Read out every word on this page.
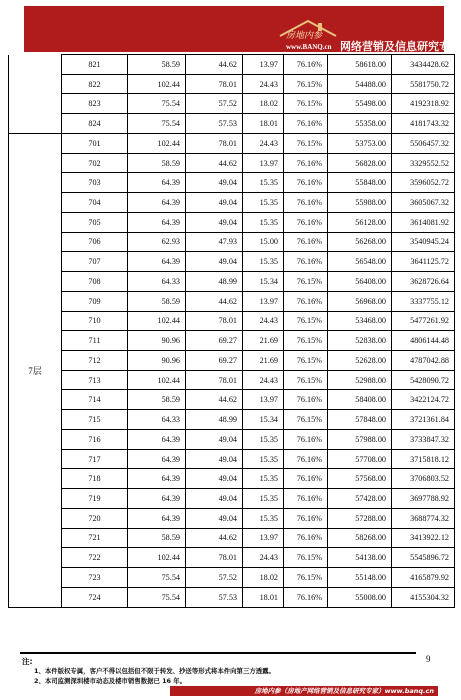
房地内参
www.BANQ.cn 网络营销及信息研究专家
	821	58.59	44.62	13.97	76.16%	58618.00	3434428.62
	822	102.44	78.01	24.43	76.15%	54488.00	5581750.72
	823	75.54	57.52	18.02	76.15%	55498.00	4192318.92
	824	75.54	57.53	18.01	76.16%	55358.00	4181743.32
7层	701	102.44	78.01	24.43	76.15%	53753.00	5506457.32
	702	58.59	44.62	13.97	76.16%	56828.00	3329552.52
	703	64.39	49.04	15.35	76.16%	55848.00	3596052.72
	704	64.39	49.04	15.35	76.16%	55988.00	3605067.32
	705	64.39	49.04	15.35	76.16%	56128.00	3614081.92
	706	62.93	47.93	15.00	76.16%	56268.00	3540945.24
	707	64.39	49.04	15.35	76.16%	56548.00	3641125.72
	708	64.33	48.99	15.34	76.15%	56408.00	3628726.64
	709	58.59	44.62	13.97	76.16%	56968.00	3337755.12
	710	102.44	78.01	24.43	76.15%	53468.00	5477261.92
	711	90.96	69.27	21.69	76.15%	52838.00	4806144.48
	712	90.96	69.27	21.69	76.15%	52628.00	4787042.88
	713	102.44	78.01	24.43	76.15%	52988.00	5428090.72
	714	58.59	44.62	13.97	76.16%	58408.00	3422124.72
	715	64.33	48.99	15.34	76.15%	57848.00	3721361.84
	716	64.39	49.04	15.35	76.16%	57988.00	3733847.32
	717	64.39	49.04	15.35	76.16%	57708.00	3715818.12
	718	64.39	49.04	15.35	76.16%	57568.00	3706803.52
	719	64.39	49.04	15.35	76.16%	57428.00	3697788.92
	720	64.39	49.04	15.35	76.16%	57288.00	3688774.32
	721	58.59	44.62	13.97	76.16%	58268.00	3413922.12
	722	102.44	78.01	24.43	76.15%	54138.00	5545896.72
	723	75.54	57.52	18.02	76.15%	55148.00	4165879.92
	724	75.54	57.53	18.01	76.16%	55008.00	4155304.32
注:
1、本件版权专属，客户不得以包括但不限于转发、抄送等形式将本件向第三方透露。
2、本司监测深圳楼市动态及楼市销售数据已 16 年。
房地内参（房地产网络营销及信息研究专家）www.banq.cn
9
